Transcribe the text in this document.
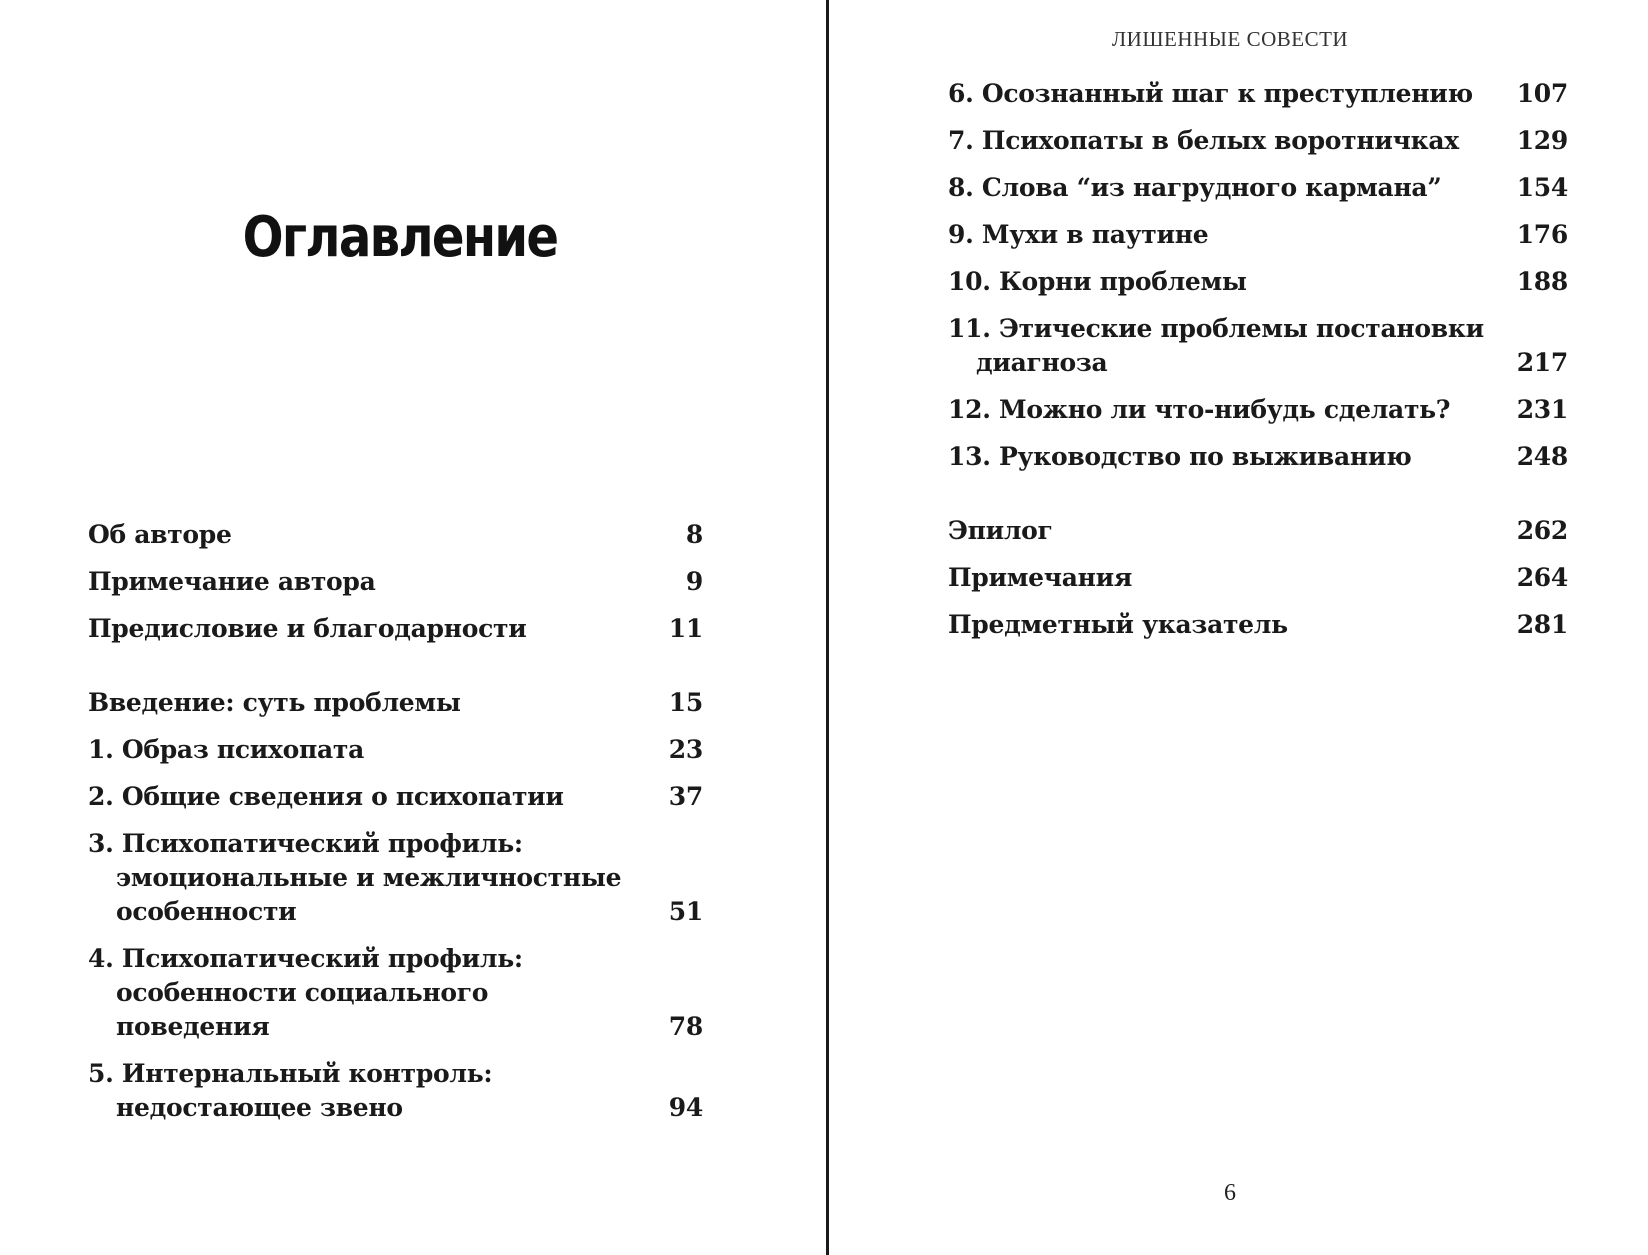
Оглавление
Об авторе	8
Примечание автора	9
Предисловие и благодарности	11
Введение: суть проблемы	15
1. Образ психопата	23
2. Общие сведения о психопатии	37
3. Психопатический профиль: эмоциональные и межличностные особенности	51
4. Психопатический профиль: особенности социального поведения	78
5. Интернальный контроль: недостающее звено	94
ЛИШЕННЫЕ СОВЕСТИ
6. Осознанный шаг к преступлению	107
7. Психопаты в белых воротничках	129
8. Слова “из нагрудного кармана”	154
9. Мухи в паутине	176
10. Корни проблемы	188
11. Этические проблемы постановки диагноза	217
12. Можно ли что-нибудь сделать?	231
13. Руководство по выживанию	248
Эпилог	262
Примечания	264
Предметный указатель	281
6
